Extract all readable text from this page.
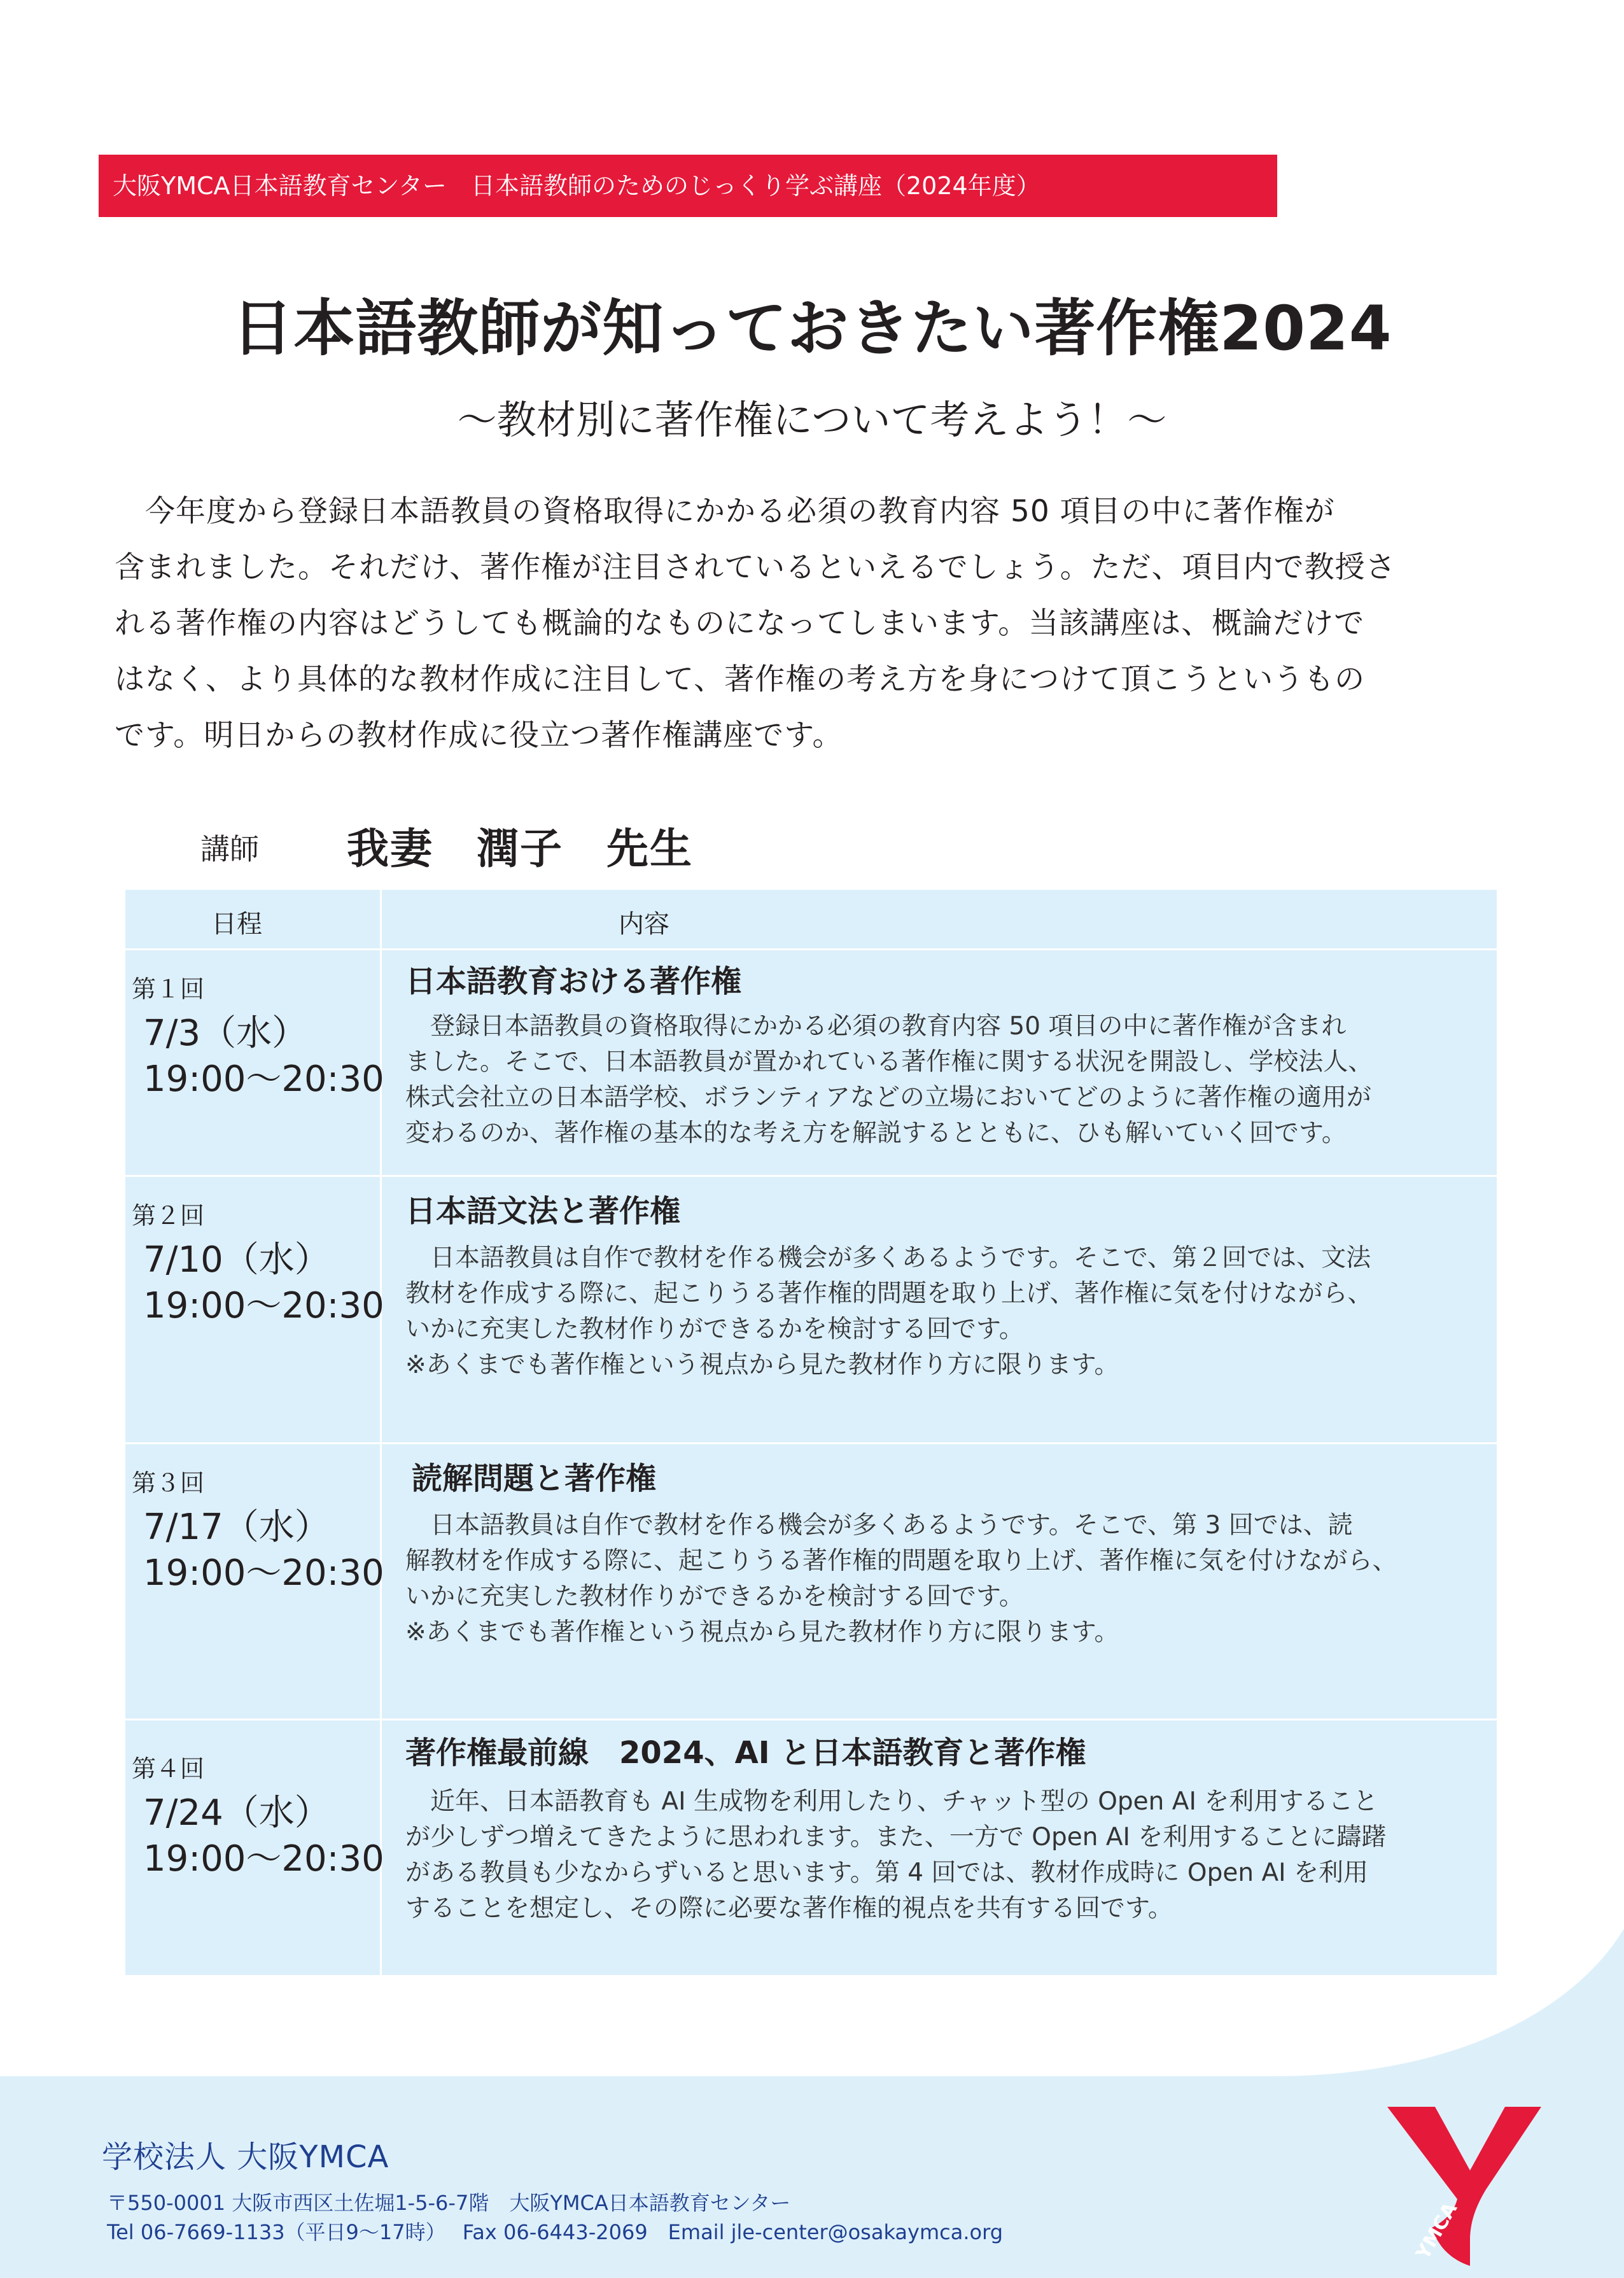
大阪YMCA日本語教育センター　日本語教師のためのじっくり学ぶ講座（2024年度）
日本語教師が知っておきたい著作権2024
～教材別に著作権について考えよう！～

　今年度から登録日本語教員の資格取得にかかる必須の教育内容 50 項目の中に著作権が

含まれました。それだけ、著作権が注目されているといえるでしょう。ただ、項目内で教授さ

れる著作権の内容はどうしても概論的なものになってしまいます。当該講座は、概論だけで

はなく、より具体的な教材作成に注目して、著作権の考え方を身につけて頂こうというもの

です。明日からの教材作成に役立つ著作権講座です。

講師 我妻　潤子　先生
日程	内容
第１回
7/3（水）
19:00～20:30
日本語教育おける著作権

　登録日本語教員の資格取得にかかる必須の教育内容 50 項目の中に著作権が含まれ

ました。そこで、日本語教員が置かれている著作権に関する状況を開設し、学校法人、

株式会社立の日本語学校、ボランティアなどの立場においてどのように著作権の適用が

変わるのか、著作権の基本的な考え方を解説するとともに、ひも解いていく回です。

第２回
7/10（水）
19:00～20:30
日本語文法と著作権

　日本語教員は自作で教材を作る機会が多くあるようです。そこで、第２回では、文法

教材を作成する際に、起こりうる著作権的問題を取り上げ、著作権に気を付けながら、

いかに充実した教材作りができるかを検討する回です。

※あくまでも著作権という視点から見た教材作り方に限ります。

第３回
7/17（水）
19:00～20:30
読解問題と著作権

　日本語教員は自作で教材を作る機会が多くあるようです。そこで、第 3 回では、読

解教材を作成する際に、起こりうる著作権的問題を取り上げ、著作権に気を付けながら、

いかに充実した教材作りができるかを検討する回です。

※あくまでも著作権という視点から見た教材作り方に限ります。

第４回
7/24（水）
19:00～20:30
著作権最前線　2024、AI と日本語教育と著作権

　近年、日本語教育も AI 生成物を利用したり、チャット型の Open AI を利用すること

が少しずつ増えてきたように思われます。また、一方で Open AI を利用することに躊躇

がある教員も少なからずいると思います。第 4 回では、教材作成時に Open AI を利用

することを想定し、その際に必要な著作権的視点を共有する回です。

学校法人 大阪YMCA
〒550-0001 大阪市西区土佐堀1-5-6-7階　大阪YMCA日本語教育センター
Tel 06-7669-1133（平日9～17時）　 Fax 06-6443-2069　Email jle-center@osakaymca.org	YMCA
